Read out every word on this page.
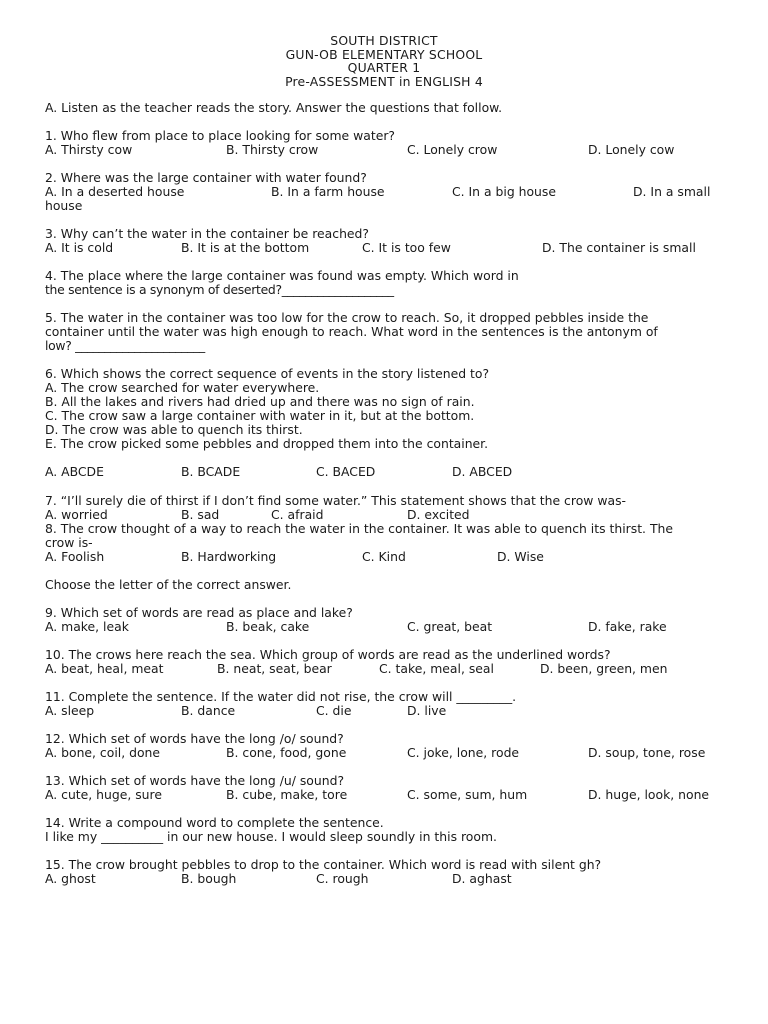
SOUTH DISTRICT
GUN-OB ELEMENTARY SCHOOL
QUARTER 1
Pre-ASSESSMENT in ENGLISH 4
A. Listen as the teacher reads the story. Answer the questions that follow.
1. Who flew from place to place looking for some water?
A. Thirsty cow	B. Thirsty crow	C. Lonely crow	D. Lonely cow
2. Where was the large container with water found?
A. In a deserted house	B. In a farm house	C. In a big house	D. In a small
house
3. Why can’t the water in the container be reached?
A. It is cold	B. It is at the bottom	C. It is too few	D. The container is small
4. The place where the large container was found was empty. Which word in
the sentence is a synonym of deserted?___________________
5. The water in the container was too low for the crow to reach. So, it dropped pebbles inside the
container until the water was high enough to reach. What word in the sentences is the antonym of
low? ______________________
6. Which shows the correct sequence of events in the story listened to?
A. The crow searched for water everywhere.
B. All the lakes and rivers had dried up and there was no sign of rain.
C. The crow saw a large container with water in it, but at the bottom.
D. The crow was able to quench its thirst.
E. The crow picked some pebbles and dropped them into the container.
A. ABCDE	B. BCADE	C. BACED	D. ABCED
7. “I’ll surely die of thirst if I don’t find some water.” This statement shows that the crow was-
A. worried	B. sad	C. afraid	D. excited
8. The crow thought of a way to reach the water in the container. It was able to quench its thirst. The
crow is-
A. Foolish	B. Hardworking	C. Kind	D. Wise
Choose the letter of the correct answer.
9. Which set of words are read as place and lake?
A. make, leak	B. beak, cake	C. great, beat	D. fake, rake
10. The crows here reach the sea. Which group of words are read as the underlined words?
A. beat, heal, meat	B. neat, seat, bear	C. take, meal, seal	D. been, green, men
11. Complete the sentence. If the water did not rise, the crow will _________.
A. sleep	B. dance	C. die	D. live
12. Which set of words have the long /o/ sound?
A. bone, coil, done	B. cone, food, gone	C. joke, lone, rode	D. soup, tone, rose
13. Which set of words have the long /u/ sound?
A. cute, huge, sure	B. cube, make, tore	C. some, sum, hum	D. huge, look, none
14. Write a compound word to complete the sentence.
I like my __________ in our new house. I would sleep soundly in this room.
15. The crow brought pebbles to drop to the container. Which word is read with silent gh?
A. ghost	B. bough	C. rough	D. aghast
